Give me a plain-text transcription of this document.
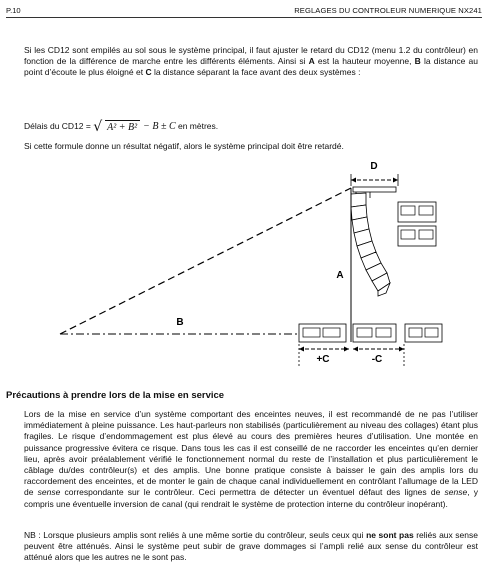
P.10	REGLAGES DU CONTROLEUR NUMERIQUE NX241

Si les CD12 sont empilés au sol sous le système principal, il faut ajuster le retard du CD12 (menu 1.2 du contrôleur) en fonction de la différence de marche entre les différents éléments. Ainsi si A est la hauteur moyenne, B la distance au point d’écoute le plus éloigné et C la distance séparant la face avant des deux systèmes :

Délais du CD12 = √ A² + B² − B ± C en mètres.

Si cette formule donne un résultat négatif, alors le système principal doit être retardé.

D
A
B
+C	-C
Précautions à prendre lors de la mise en service

Lors de la mise en service d’un système comportant des enceintes neuves, il est recommandé de ne pas l’utiliser immédiatement à pleine puissance. Les haut-parleurs non stabilisés (particulièrement au niveau des collages) étant plus fragiles. Le risque d’endommagement est plus élevé au cours des premières heures d’utilisation. Une montée en puissance progressive évitera ce risque. Dans tous les cas il est conseillé de ne raccorder les enceintes qu’en dernier lieu, après avoir préalablement vérifié le fonctionnement normal du reste de l’installation et plus particulièrement le câblage du/des contrôleur(s) et des amplis. Une bonne pratique consiste à baisser le gain des amplis lors du raccordement des enceintes, et de monter le gain de chaque canal individuellement en contrôlant l’allumage de la LED de sense correspondante sur le contrôleur. Ceci permettra de détecter un éventuel défaut des lignes de sense, y compris une éventuelle inversion de canal (qui rendrait le système de protection interne du contrôleur inopérant).

NB : Lorsque plusieurs amplis sont reliés à une même sortie du contrôleur, seuls ceux qui ne sont pas reliés aux sense peuvent être atténués. Ainsi le système peut subir de grave dommages si l’ampli relié aux sense du contrôleur est atténué alors que les autres ne le sont pas.
